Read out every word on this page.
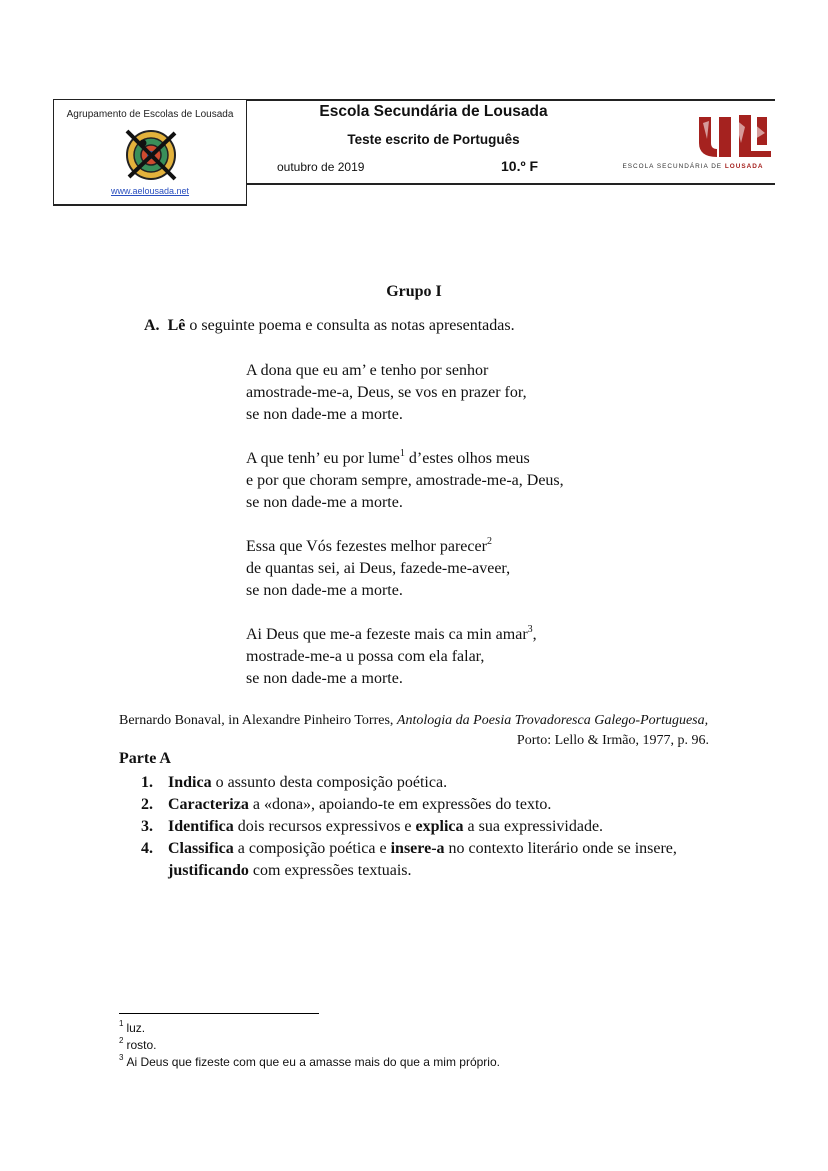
Agrupamento de Escolas de Lousada
www.aelousada.net
Escola Secundária de Lousada
Teste escrito de Português
outubro de 2019	10.º F	ESCOLA SECUNDÁRIA DE LOUSADA
Grupo I
A. Lê o seguinte poema e consulta as notas apresentadas.
A dona que eu am’ e tenho por senhor
amostrade-me-a, Deus, se vos en prazer for,
se non dade-me a morte.
A que tenh’ eu por lume$^1$ d’estes olhos meus
e por que choram sempre, amostrade-me-a, Deus,
se non dade-me a morte.
Essa que Vós fezestes melhor parecer$^2$
de quantas sei, ai Deus, fazede-me-aveer,
se non dade-me a morte.
Ai Deus que me-a fezeste mais ca min amar$^3$,
mostrade-me-a u possa com ela falar,
se non dade-me a morte.
Bernardo Bonaval, in Alexandre Pinheiro Torres, Antologia da Poesia Trovadoresca Galego-Portuguesa,
Porto: Lello & Irmão, 1977, p. 96.
Parte A
1. Indica o assunto desta composição poética.
2. Caracteriza a «dona», apoiando-te em expressões do texto.
3. Identifica dois recursos expressivos e explica a sua expressividade.
4. Classifica a composição poética e insere-a no contexto literário onde se insere,
justificando com expressões textuais.
$^1$ luz.
$^2$ rosto.
$^3$ Ai Deus que fizeste com que eu a amasse mais do que a mim próprio.
